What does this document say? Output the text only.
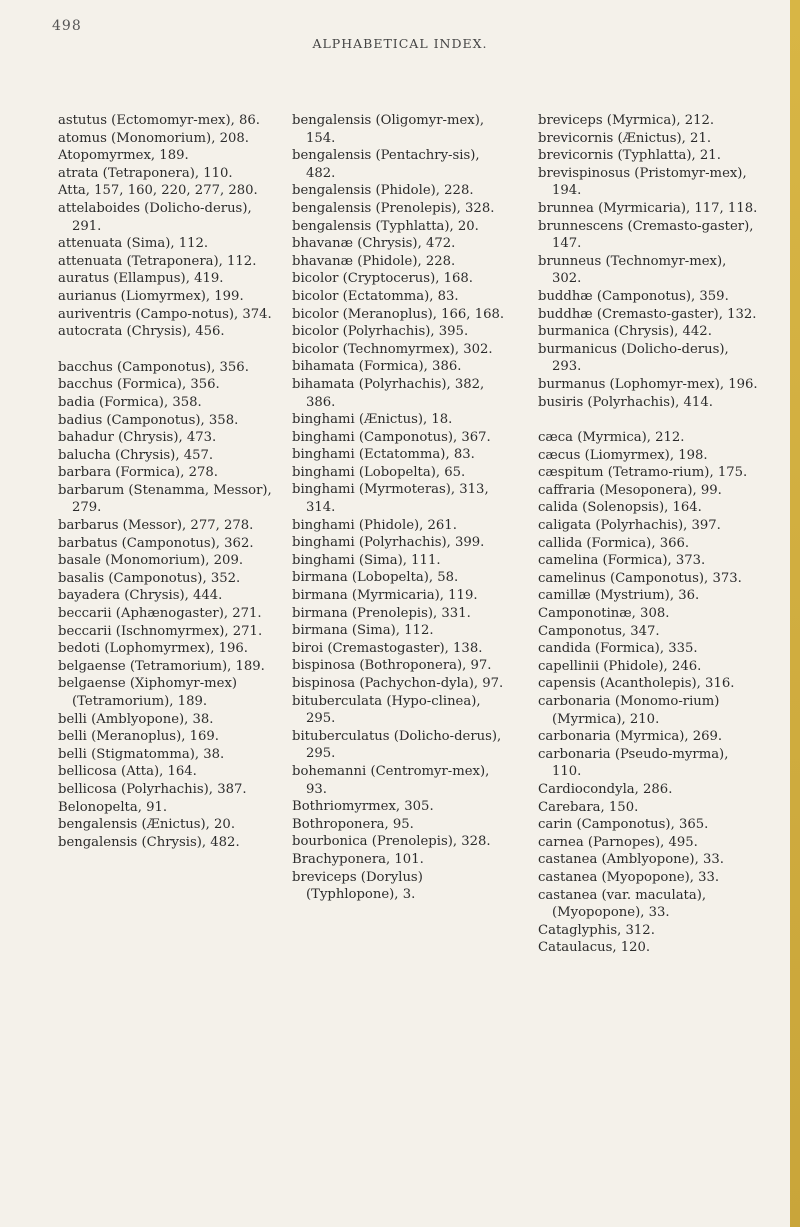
498
ALPHABETICAL INDEX.
astutus (Ectomomyr-mex), 86.
atomus (Monomorium), 208.
Atopomyrmex, 189.
atrata (Tetraponera), 110.
Atta, 157, 160, 220, 277, 280.
attelaboides (Dolicho-derus), 291.
attenuata (Sima), 112.
attenuata (Tetraponera), 112.
auratus (Ellampus), 419.
aurianus (Liomyrmex), 199.
auriventris (Campo-notus), 374.
autocrata (Chrysis), 456.
bacchus (Camponotus), 356.
bacchus (Formica), 356.
badia (Formica), 358.
badius (Camponotus), 358.
bahadur (Chrysis), 473.
balucha (Chrysis), 457.
barbara (Formica), 278.
barbarum (Stenamma, Messor), 279.
barbarus (Messor), 277, 278.
barbatus (Camponotus), 362.
basale (Monomorium), 209.
basalis (Camponotus), 352.
bayadera (Chrysis), 444.
beccarii (Aphænogaster), 271.
beccarii (Ischnomyrmex), 271.
bedoti (Lophomyrmex), 196.
belgaense (Tetramorium), 189.
belgaense (Xiphomyr-mex) (Tetramorium), 189.
belli (Amblyopone), 38.
belli (Meranoplus), 169.
belli (Stigmatomma), 38.
bellicosa (Atta), 164.
bellicosa (Polyrhachis), 387.
Belonopelta, 91.
bengalensis (Ænictus), 20.
bengalensis (Chrysis), 482.
bengalensis (Oligomyr-mex), 154.
bengalensis (Pentachry-sis), 482.
bengalensis (Phidole), 228.
bengalensis (Prenolepis), 328.
bengalensis (Typhlatta), 20.
bhavanæ (Chrysis), 472.
bhavanæ (Phidole), 228.
bicolor (Cryptocerus), 168.
bicolor (Ectatomma), 83.
bicolor (Meranoplus), 166, 168.
bicolor (Polyrhachis), 395.
bicolor (Technomyrmex), 302.
bihamata (Formica), 386.
bihamata (Polyrhachis), 382, 386.
binghami (Ænictus), 18.
binghami (Camponotus), 367.
binghami (Ectatomma), 83.
binghami (Lobopelta), 65.
binghami (Myrmoteras), 313, 314.
binghami (Phidole), 261.
binghami (Polyrhachis), 399.
binghami (Sima), 111.
birmana (Lobopelta), 58.
birmana (Myrmicaria), 119.
birmana (Prenolepis), 331.
birmana (Sima), 112.
biroi (Cremastogaster), 138.
bispinosa (Bothroponera), 97.
bispinosa (Pachychon-dyla), 97.
bituberculata (Hypo-clinea), 295.
bituberculatus (Dolicho-derus), 295.
bohemanni (Centromyr-mex), 93.
Bothriomyrmex, 305.
Bothroponera, 95.
bourbonica (Prenolepis), 328.
Brachyponera, 101.
breviceps (Dorylus) (Typhlopone), 3.
breviceps (Myrmica), 212.
brevicornis (Ænictus), 21.
brevicornis (Typhlatta), 21.
brevispinosus (Pristomyr-mex), 194.
brunnea (Myrmicaria), 117, 118.
brunnescens (Cremasto-gaster), 147.
brunneus (Technomyr-mex), 302.
buddhæ (Camponotus), 359.
buddhæ (Cremasto-gaster), 132.
burmanica (Chrysis), 442.
burmanicus (Dolicho-derus), 293.
burmanus (Lophomyr-mex), 196.
busiris (Polyrhachis), 414.
cæca (Myrmica), 212.
cæcus (Liomyrmex), 198.
cæspitum (Tetramo-rium), 175.
caffraria (Mesoponera), 99.
calida (Solenopsis), 164.
caligata (Polyrhachis), 397.
callida (Formica), 366.
camelina (Formica), 373.
camelinus (Camponotus), 373.
camillæ (Mystrium), 36.
Camponotinæ, 308.
Camponotus, 347.
candida (Formica), 335.
capellinii (Phidole), 246.
capensis (Acantholepis), 316.
carbonaria (Monomo-rium) (Myrmica), 210.
carbonaria (Myrmica), 269.
carbonaria (Pseudo-myrma), 110.
Cardiocondyla, 286.
Carebara, 150.
carin (Camponotus), 365.
carnea (Parnopes), 495.
castanea (Amblyopone), 33.
castanea (Myopopone), 33.
castanea (var. maculata), (Myopopone), 33.
Cataglyphis, 312.
Cataulacus, 120.
